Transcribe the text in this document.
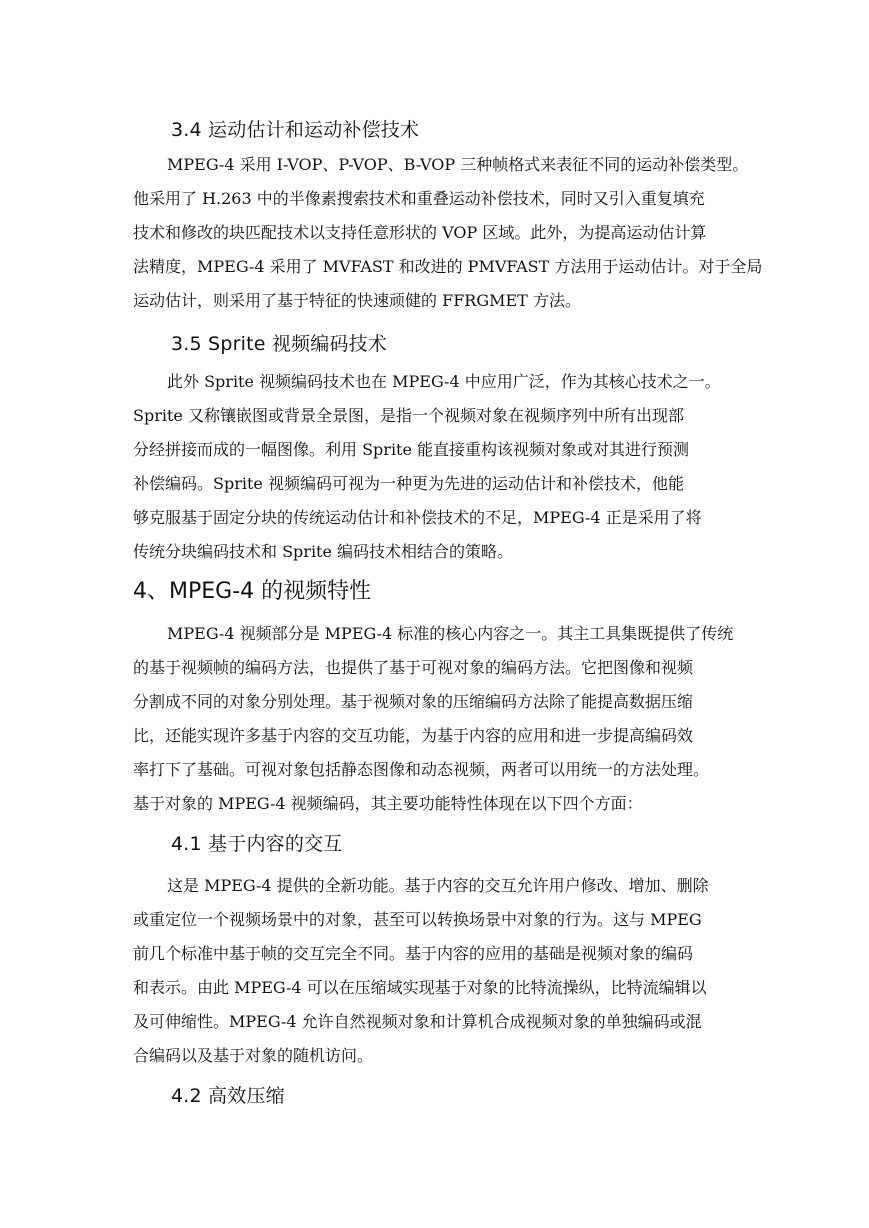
3.4 运动估计和运动补偿技术
MPEG-4 采用 I-VOP、P-VOP、B-VOP 三种帧格式来表征不同的运动补偿类型。
他采用了 H.263 中的半像素搜索技术和重叠运动补偿技术，同时又引入重复填充
技术和修改的块匹配技术以支持任意形状的 VOP 区域。此外，为提高运动估计算
法精度，MPEG-4 采用了 MVFAST 和改进的 PMVFAST 方法用于运动估计。对于全局
运动估计，则采用了基于特征的快速顽健的 FFRGMET 方法。
3.5 Sprite 视频编码技术
此外 Sprite 视频编码技术也在 MPEG-4 中应用广泛，作为其核心技术之一。
Sprite 又称镶嵌图或背景全景图，是指一个视频对象在视频序列中所有出现部
分经拼接而成的一幅图像。利用 Sprite 能直接重构该视频对象或对其进行预测
补偿编码。Sprite 视频编码可视为一种更为先进的运动估计和补偿技术，他能
够克服基于固定分块的传统运动估计和补偿技术的不足，MPEG-4 正是采用了将
传统分块编码技术和 Sprite 编码技术相结合的策略。
4、MPEG-4 的视频特性
MPEG-4 视频部分是 MPEG-4 标准的核心内容之一。其主工具集既提供了传统
的基于视频帧的编码方法，也提供了基于可视对象的编码方法。它把图像和视频
分割成不同的对象分别处理。基于视频对象的压缩编码方法除了能提高数据压缩
比，还能实现许多基于内容的交互功能，为基于内容的应用和进一步提高编码效
率打下了基础。可视对象包括静态图像和动态视频，两者可以用统一的方法处理。
基于对象的 MPEG-4 视频编码，其主要功能特性体现在以下四个方面：
4.1 基于内容的交互
这是 MPEG-4 提供的全新功能。基于内容的交互允许用户修改、增加、删除
或重定位一个视频场景中的对象，甚至可以转换场景中对象的行为。这与 MPEG
前几个标准中基于帧的交互完全不同。基于内容的应用的基础是视频对象的编码
和表示。由此 MPEG-4 可以在压缩域实现基于对象的比特流操纵，比特流编辑以
及可伸缩性。MPEG-4 允许自然视频对象和计算机合成视频对象的单独编码或混
合编码以及基于对象的随机访问。
4.2 高效压缩
